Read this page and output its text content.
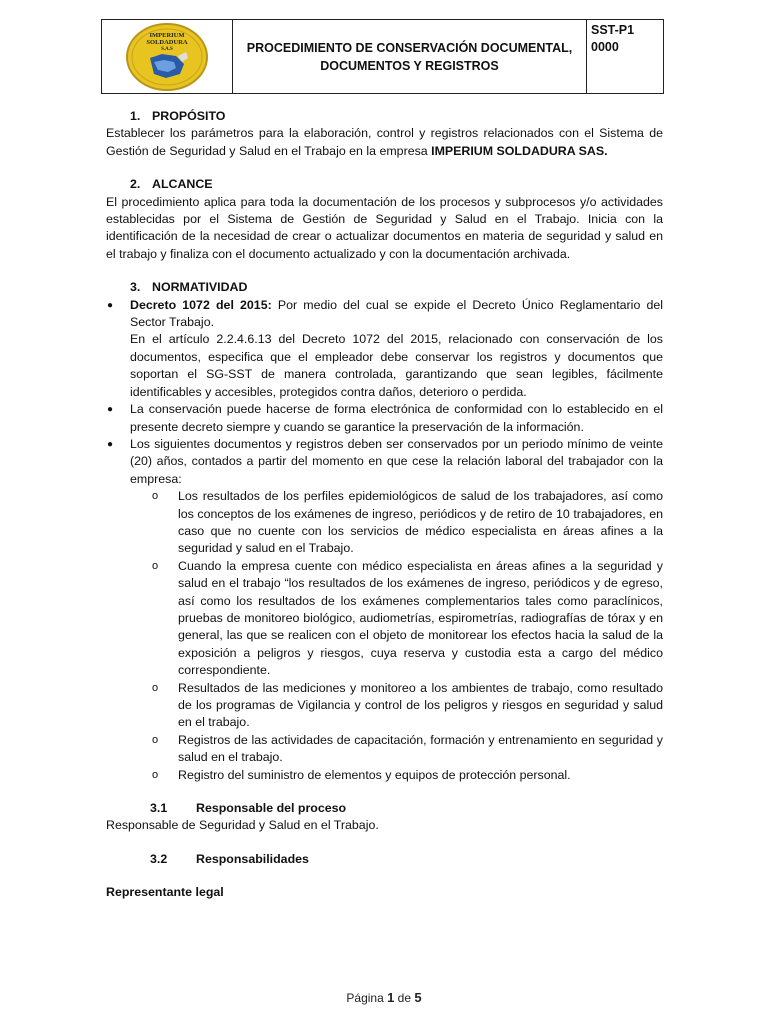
IMPERIUM
SOLDADURA
S.A.S	PROCEDIMIENTO DE CONSERVACIÓN DOCUMENTAL,
DOCUMENTOS Y REGISTROS
SST-P1
0000

1. PROPÓSITO

Establecer los parámetros para la elaboración, control y registros relacionados con el Sistema de Gestión de Seguridad y Salud en el Trabajo en la empresa IMPERIUM SOLDADURA SAS.

2. ALCANCE

El procedimiento aplica para toda la documentación de los procesos y subprocesos y/o actividades establecidas por el Sistema de Gestión de Seguridad y Salud en el Trabajo. Inicia con la identificación de la necesidad de crear o actualizar documentos en materia de seguridad y salud en el trabajo y finaliza con el documento actualizado y con la documentación archivada.

3. NORMATIVIDAD

● Decreto 1072 del 2015: Por medio del cual se expide el Decreto Único Reglamentario del Sector Trabajo.
En el artículo 2.2.4.6.13 del Decreto 1072 del 2015, relacionado con conservación de los documentos, especifica que el empleador debe conservar los registros y documentos que soportan el SG-SST de manera controlada, garantizando que sean legibles, fácilmente identificables y accesibles, protegidos contra daños, deterioro o perdida.
● La conservación puede hacerse de forma electrónica de conformidad con lo establecido en el presente decreto siempre y cuando se garantice la preservación de la información.
● Los siguientes documentos y registros deben ser conservados por un periodo mínimo de veinte (20) años, contados a partir del momento en que cese la relación laboral del trabajador con la empresa:
o Los resultados de los perfiles epidemiológicos de salud de los trabajadores, así como los conceptos de los exámenes de ingreso, periódicos y de retiro de 10 trabajadores, en caso que no cuente con los servicios de médico especialista en áreas afines a la seguridad y salud en el Trabajo.
o Cuando la empresa cuente con médico especialista en áreas afines a la seguridad y salud en el trabajo “los resultados de los exámenes de ingreso, periódicos y de egreso, así como los resultados de los exámenes complementarios tales como paraclínicos, pruebas de monitoreo biológico, audiometrías, espirometrías, radiografías de tórax y en general, las que se realicen con el objeto de monitorear los efectos hacia la salud de la exposición a peligros y riesgos, cuya reserva y custodia esta a cargo del médico correspondiente.
o Resultados de las mediciones y monitoreo a los ambientes de trabajo, como resultado de los programas de Vigilancia y control de los peligros y riesgos en seguridad y salud en el trabajo.
o Registros de las actividades de capacitación, formación y entrenamiento en seguridad y salud en el trabajo.
o Registro del suministro de elementos y equipos de protección personal.

3.1 Responsable del proceso

Responsable de Seguridad y Salud en el Trabajo.

3.2 Responsabilidades

Representante legal

Página 1 de 5
